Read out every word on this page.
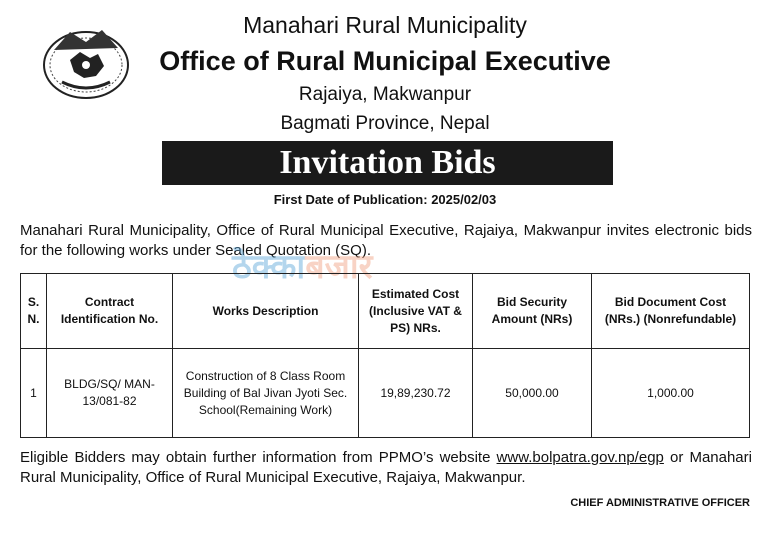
Manahari Rural Municipality
Office of Rural Municipal Executive
Rajaiya, Makwanpur
Bagmati Province, Nepal
Invitation Bids
First Date of Publication: 2025/02/03
Manahari Rural Municipality, Office of Rural Municipal Executive, Rajaiya, Makwanpur invites electronic bids for the following works under Sealed Quotation (SQ).
ठेक्काबजार
S. N.	Contract Identification No.	Works Description	Estimated Cost (Inclusive VAT & PS) NRs.	Bid Security Amount (NRs)	Bid Document Cost (NRs.) (Nonrefundable)
1	BLDG/SQ/ MAN-13/081-82	Construction of 8 Class Room Building of Bal Jivan Jyoti Sec. School(Remaining Work)	19,89,230.72	50,000.00	1,000.00
Eligible Bidders may obtain further information from PPMO’s website www.bolpatra.gov.np/egp or Manahari Rural Municipality, Office of Rural Municipal Executive, Rajaiya, Makwanpur.
CHIEF ADMINISTRATIVE OFFICER
